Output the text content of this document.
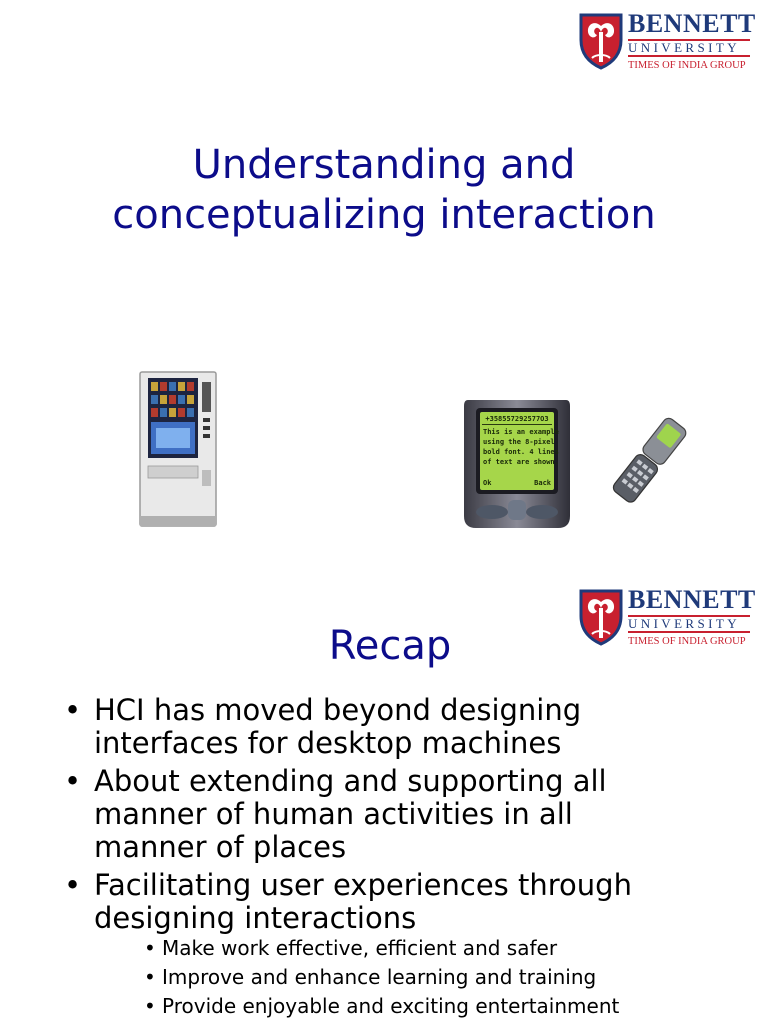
BENNETT
UNIVERSITY
TIMES OF INDIA GROUP
Understanding and
conceptualizing interaction
+358557292577O3
This is an example
using the 8-pixel
bold font. 4 lines
of text are shown.
Ok	Back
BENNETT
UNIVERSITY
TIMES OF INDIA GROUP
Recap
• HCI has moved beyond designing
interfaces for desktop machines
• About extending and supporting all
manner of human activities in all
manner of places
• Facilitating user experiences through
designing interactions
• Make work effective, efficient and safer
• Improve and enhance learning and training
• Provide enjoyable and exciting entertainment
